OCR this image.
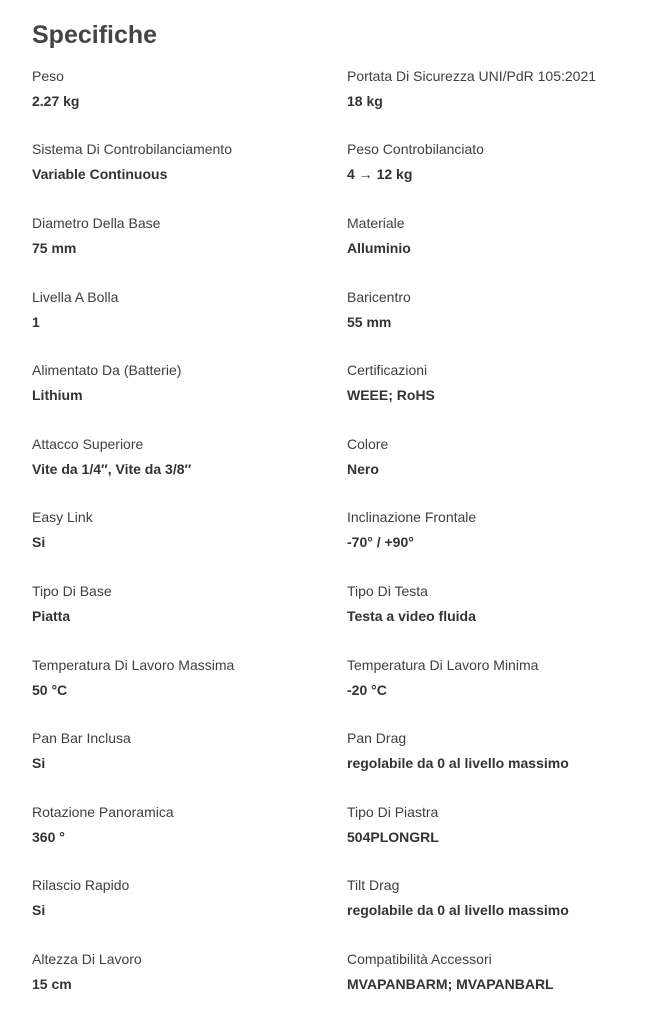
Specifiche
Peso
2.27 kg
Portata Di Sicurezza UNI/PdR 105:2021
18 kg
Sistema Di Controbilanciamento
Variable Continuous
Peso Controbilanciato
4 → 12 kg
Diametro Della Base
75 mm
Materiale
Alluminio
Livella A Bolla
1
Baricentro
55 mm
Alimentato Da (Batterie)
Lithium
Certificazioni
WEEE; RoHS
Attacco Superiore
Vite da 1/4″, Vite da 3/8″
Colore
Nero
Easy Link
Si
Inclinazione Frontale
-70° / +90°
Tipo Di Base
Piatta
Tipo Di Testa
Testa a video fluida
Temperatura Di Lavoro Massima
50 °C
Temperatura Di Lavoro Minima
-20 °C
Pan Bar Inclusa
Si
Pan Drag
regolabile da 0 al livello massimo
Rotazione Panoramica
360 °
Tipo Di Piastra
504PLONGRL
Rilascio Rapido
Si
Tilt Drag
regolabile da 0 al livello massimo
Altezza Di Lavoro
15 cm
Compatibilità Accessori
MVAPANBARM; MVAPANBARL
